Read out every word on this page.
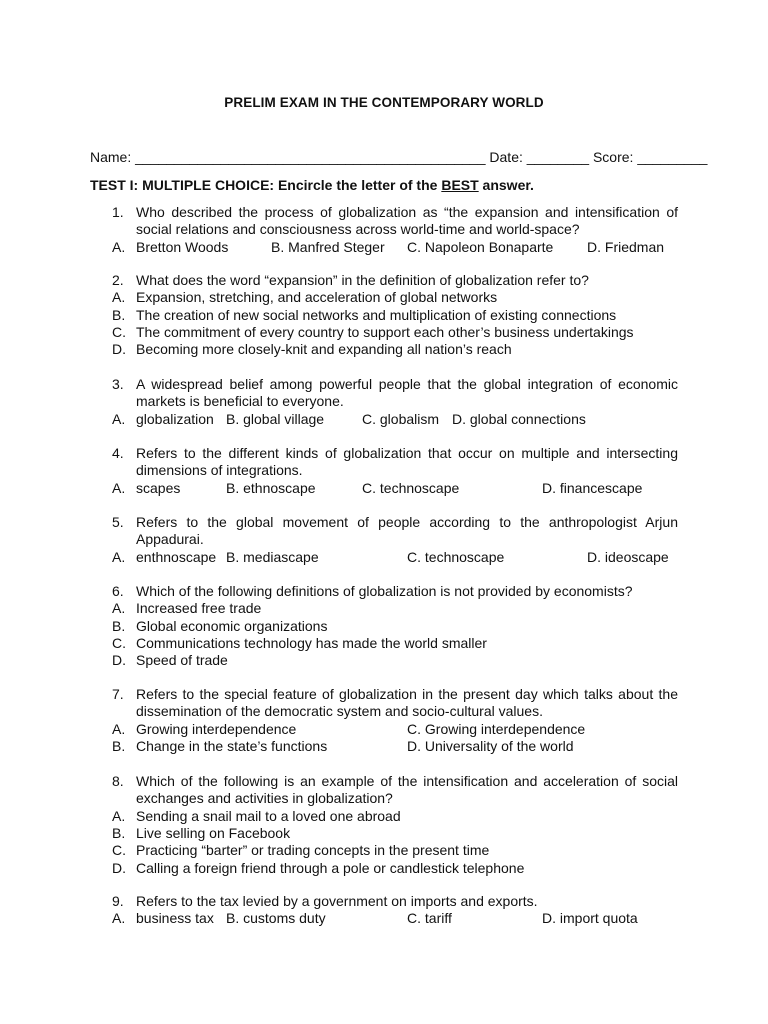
PRELIM EXAM IN THE CONTEMPORARY WORLD
Name: _____________________________________________ Date: ________ Score: _________
TEST I: MULTIPLE CHOICE: Encircle the letter of the BEST answer.
1. Who described the process of globalization as “the expansion and intensification of
social relations and consciousness across world-time and world-space?
A. Bretton Woods	B. Manfred Steger C. Napoleon Bonaparte D. Friedman
2. What does the word “expansion” in the definition of globalization refer to?
A. Expansion, stretching, and acceleration of global networks
B. The creation of new social networks and multiplication of existing connections
C. The commitment of every country to support each other’s business undertakings
D. Becoming more closely-knit and expanding all nation’s reach
3. A widespread belief among powerful people that the global integration of economic
markets is beneficial to everyone.
A. globalization B. global village	C. globalism D. global connections
4. Refers to the different kinds of globalization that occur on multiple and intersecting
dimensions of integrations.
A. scapes	B. ethnoscape	C. technoscape	D. financescape
5. Refers to the global movement of people according to the anthropologist Arjun
Appadurai.
A. enthnoscape B. mediascape	C. technoscape	D. ideoscape
6. Which of the following definitions of globalization is not provided by economists?
A. Increased free trade
B. Global economic organizations
C. Communications technology has made the world smaller
D. Speed of trade
7. Refers to the special feature of globalization in the present day which talks about the
dissemination of the democratic system and socio-cultural values.
A. Growing interdependence	C. Growing interdependence
B. Change in the state’s functions	D. Universality of the world
8. Which of the following is an example of the intensification and acceleration of social
exchanges and activities in globalization?
A. Sending a snail mail to a loved one abroad
B. Live selling on Facebook
C. Practicing “barter” or trading concepts in the present time
D. Calling a foreign friend through a pole or candlestick telephone
9. Refers to the tax levied by a government on imports and exports.
A. business tax B. customs duty	C. tariff	D. import quota
